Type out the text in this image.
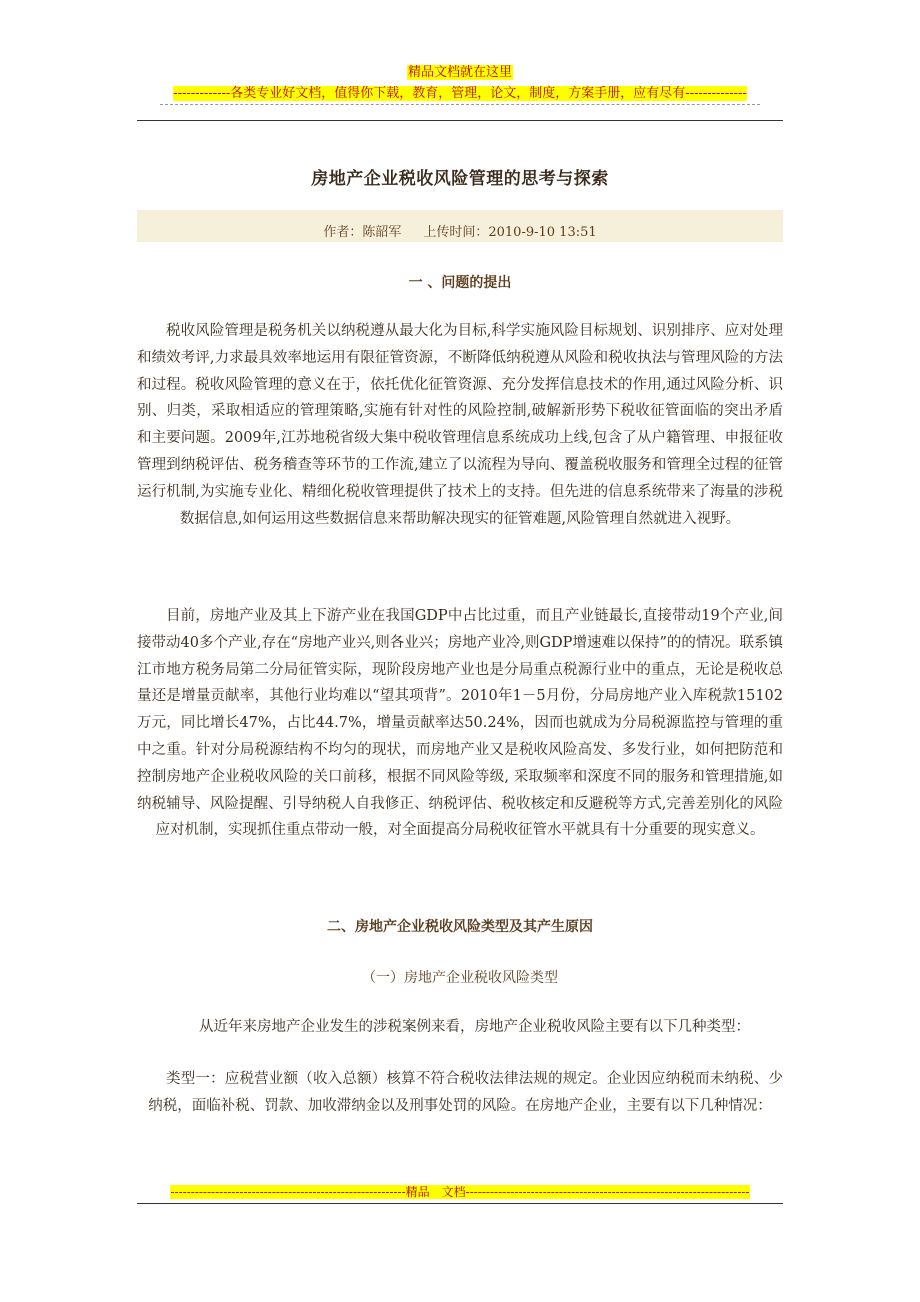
精品文档就在这里
-------------各类专业好文档，值得你下载，教育，管理，论文，制度，方案手册，应有尽有--------------
房地产企业税收风险管理的思考与探索
作者：陈韶军 上传时间：2010-9-10 13:51
一 、问题的提出
税收风险管理是税务机关以纳税遵从最大化为目标,科学实施风险目标规划、识别排序、应对处理和绩效考评,力求最具效率地运用有限征管资源，不断降低纳税遵从风险和税收执法与管理风险的方法和过程。税收风险管理的意义在于，依托优化征管资源、充分发挥信息技术的作用,通过风险分析、识别、归类，采取相适应的管理策略,实施有针对性的风险控制,破解新形势下税收征管面临的突出矛盾和主要问题。2009年,江苏地税省级大集中税收管理信息系统成功上线,包含了从户籍管理、申报征收管理到纳税评估、税务稽查等环节的工作流,建立了以流程为导向、覆盖税收服务和管理全过程的征管运行机制,为实施专业化、精细化税收管理提供了技术上的支持。但先进的信息系统带来了海量的涉税数据信息,如何运用这些数据信息来帮助解决现实的征管难题,风险管理自然就进入视野。
目前，房地产业及其上下游产业在我国GDP中占比过重，而且产业链最长,直接带动19个产业,间接带动40多个产业,存在“房地产业兴,则各业兴；房地产业冷,则GDP增速难以保持”的的情况。联系镇江市地方税务局第二分局征管实际，现阶段房地产业也是分局重点税源行业中的重点，无论是税收总量还是增量贡献率，其他行业均难以“望其项背”。2010年1－5月份，分局房地产业入库税款15102万元，同比增长47%，占比44.7%，增量贡献率达50.24%，因而也就成为分局税源监控与管理的重中之重。针对分局税源结构不均匀的现状，而房地产业又是税收风险高发、多发行业，如何把防范和控制房地产企业税收风险的关口前移，根据不同风险等级, 采取频率和深度不同的服务和管理措施,如纳税辅导、风险提醒、引导纳税人自我修正、纳税评估、税收核定和反避税等方式,完善差别化的风险应对机制，实现抓住重点带动一般，对全面提高分局税收征管水平就具有十分重要的现实意义。
二、房地产企业税收风险类型及其产生原因
（一）房地产企业税收风险类型
从近年来房地产企业发生的涉税案例来看，房地产企业税收风险主要有以下几种类型：
类型一：应税营业额（收入总额）核算不符合税收法律法规的规定。企业因应纳税而未纳税、少纳税，面临补税、罚款、加收滞纳金以及刑事处罚的风险。在房地产企业，主要有以下几种情况：
----------------------------------------------------------精品　文档----------------------------------------------------------------------
